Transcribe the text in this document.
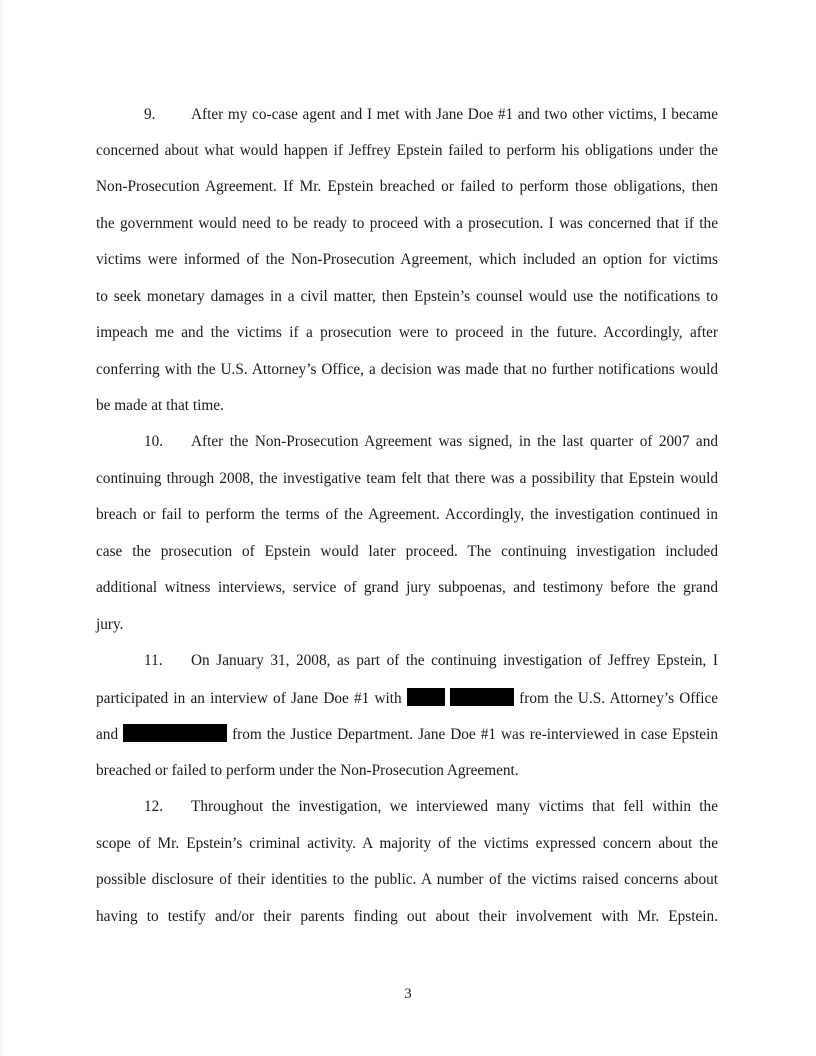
9. After my co-case agent and I met with Jane Doe #1 and two other victims, I became
concerned about what would happen if Jeffrey Epstein failed to perform his obligations under the
Non-Prosecution Agreement. If Mr. Epstein breached or failed to perform those obligations, then
the government would need to be ready to proceed with a prosecution. I was concerned that if the
victims were informed of the Non-Prosecution Agreement, which included an option for victims
to seek monetary damages in a civil matter, then Epstein’s counsel would use the notifications to
impeach me and the victims if a prosecution were to proceed in the future. Accordingly, after
conferring with the U.S. Attorney’s Office, a decision was made that no further notifications would
be made at that time.
10. After the Non-Prosecution Agreement was signed, in the last quarter of 2007 and
continuing through 2008, the investigative team felt that there was a possibility that Epstein would
breach or fail to perform the terms of the Agreement. Accordingly, the investigation continued in
case the prosecution of Epstein would later proceed. The continuing investigation included
additional witness interviews, service of grand jury subpoenas, and testimony before the grand
jury.
11. On January 31, 2008, as part of the continuing investigation of Jeffrey Epstein, I
participated in an interview of Jane Doe #1 with	from the U.S. Attorney’s Office
and	from the Justice Department. Jane Doe #1 was re-interviewed in case Epstein
breached or failed to perform under the Non-Prosecution Agreement.
12. Throughout the investigation, we interviewed many victims that fell within the
scope of Mr. Epstein’s criminal activity. A majority of the victims expressed concern about the
possible disclosure of their identities to the public. A number of the victims raised concerns about
having to testify and/or their parents finding out about their involvement with Mr. Epstein.
3
